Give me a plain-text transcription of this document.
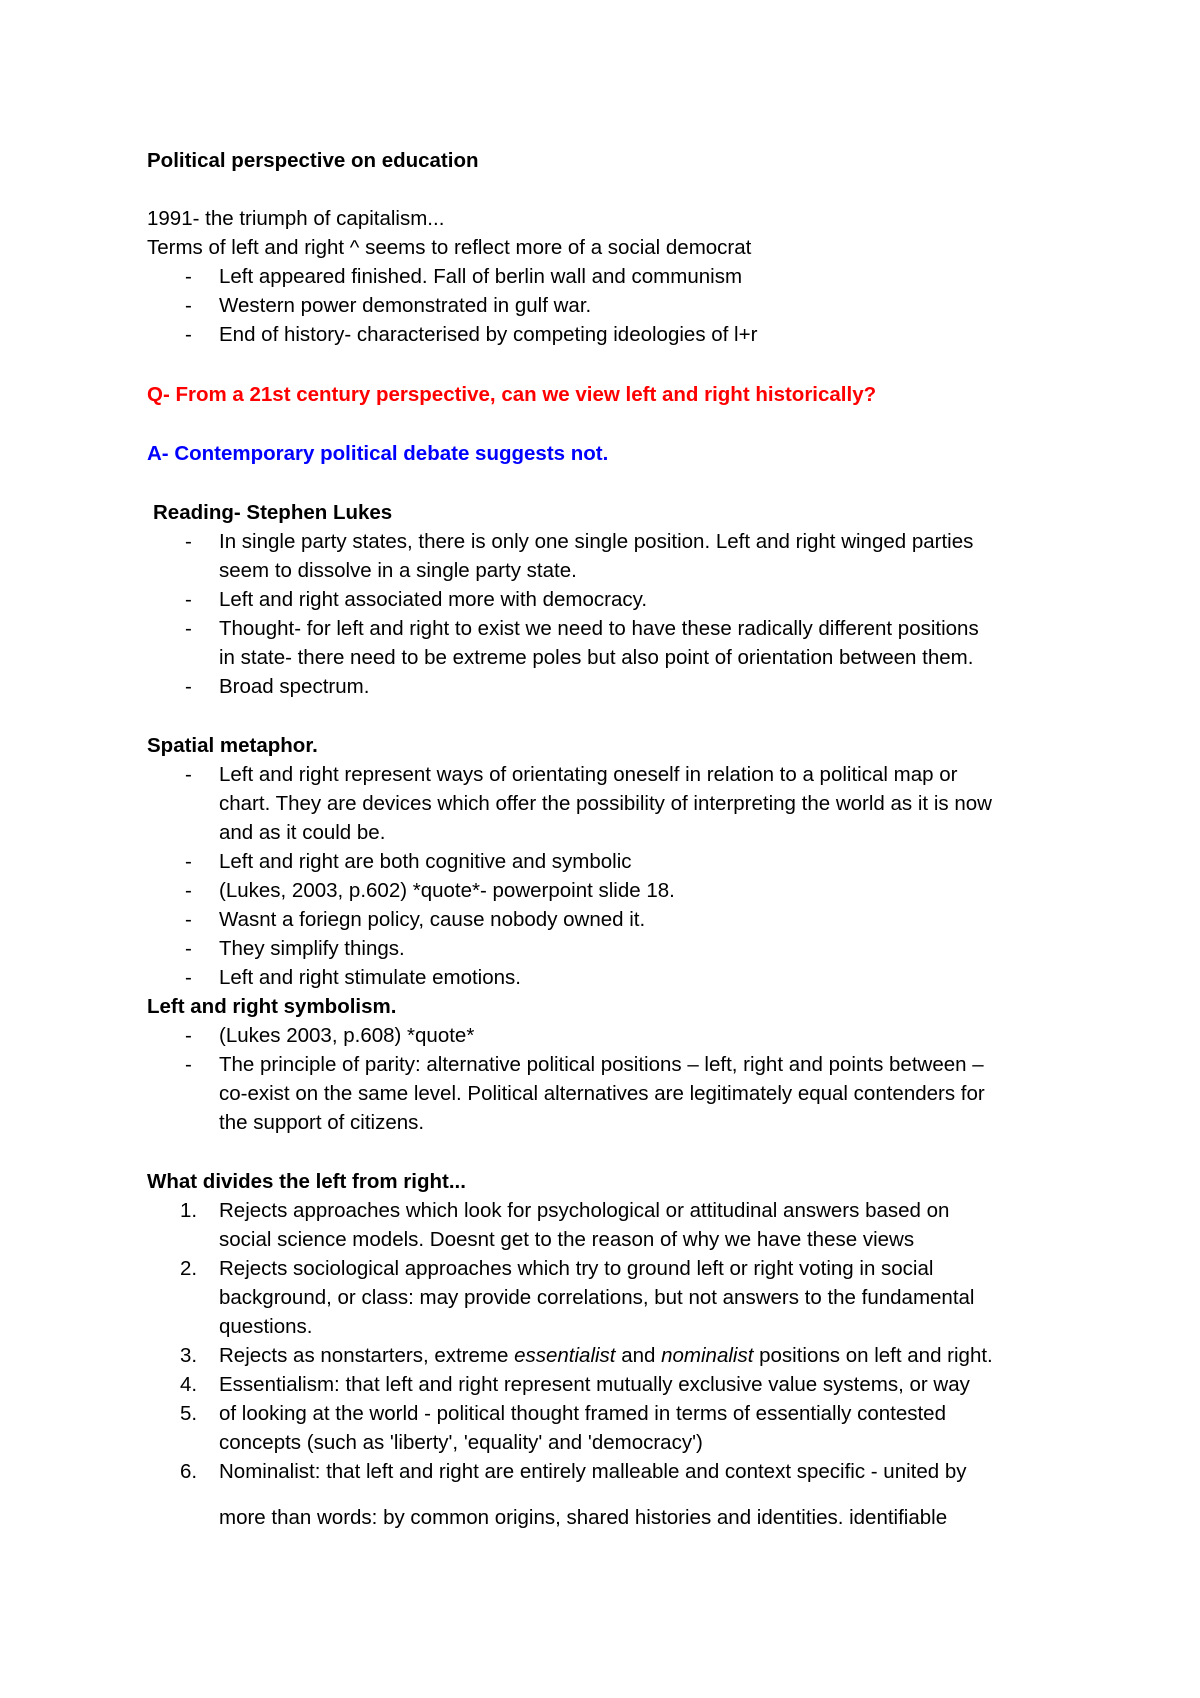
Political perspective on education
1991- the triumph of capitalism...
Terms of left and right ^ seems to reflect more of a social democrat
-	Left appeared finished. Fall of berlin wall and communism
-	Western power demonstrated in gulf war.
-	End of history- characterised by competing ideologies of l+r
Q- From a 21st century perspective, can we view left and right historically?
A- Contemporary political debate suggests not.
Reading- Stephen Lukes
-	In single party states, there is only one single position. Left and right winged parties
seem to dissolve in a single party state.
-	Left and right associated more with democracy.
-	Thought- for left and right to exist we need to have these radically different positions
in state- there need to be extreme poles but also point of orientation between them.
-	Broad spectrum.
Spatial metaphor.
-	Left and right represent ways of orientating oneself in relation to a political map or
chart. They are devices which offer the possibility of interpreting the world as it is now
and as it could be.
-	Left and right are both cognitive and symbolic
-	(Lukes, 2003, p.602) *quote*- powerpoint slide 18.
-	Wasnt a foriegn policy, cause nobody owned it.
-	They simplify things.
-	Left and right stimulate emotions.
Left and right symbolism.
-	(Lukes 2003, p.608) *quote*
-	The principle of parity: alternative political positions – left, right and points between –
co-exist on the same level. Political alternatives are legitimately equal contenders for
the support of citizens.
What divides the left from right...
1.	Rejects approaches which look for psychological or attitudinal answers based on
social science models. Doesnt get to the reason of why we have these views
2.	Rejects sociological approaches which try to ground left or right voting in social
background, or class: may provide correlations, but not answers to the fundamental
questions.
3.	Rejects as nonstarters, extreme essentialist and nominalist positions on left and right.
4.	Essentialism: that left and right represent mutually exclusive value systems, or way
5.	of looking at the world - political thought framed in terms of essentially contested
concepts (such as 'liberty', 'equality' and 'democracy')
6.	Nominalist: that left and right are entirely malleable and context specific - united by
more than words: by common origins, shared histories and identities. identifiable
